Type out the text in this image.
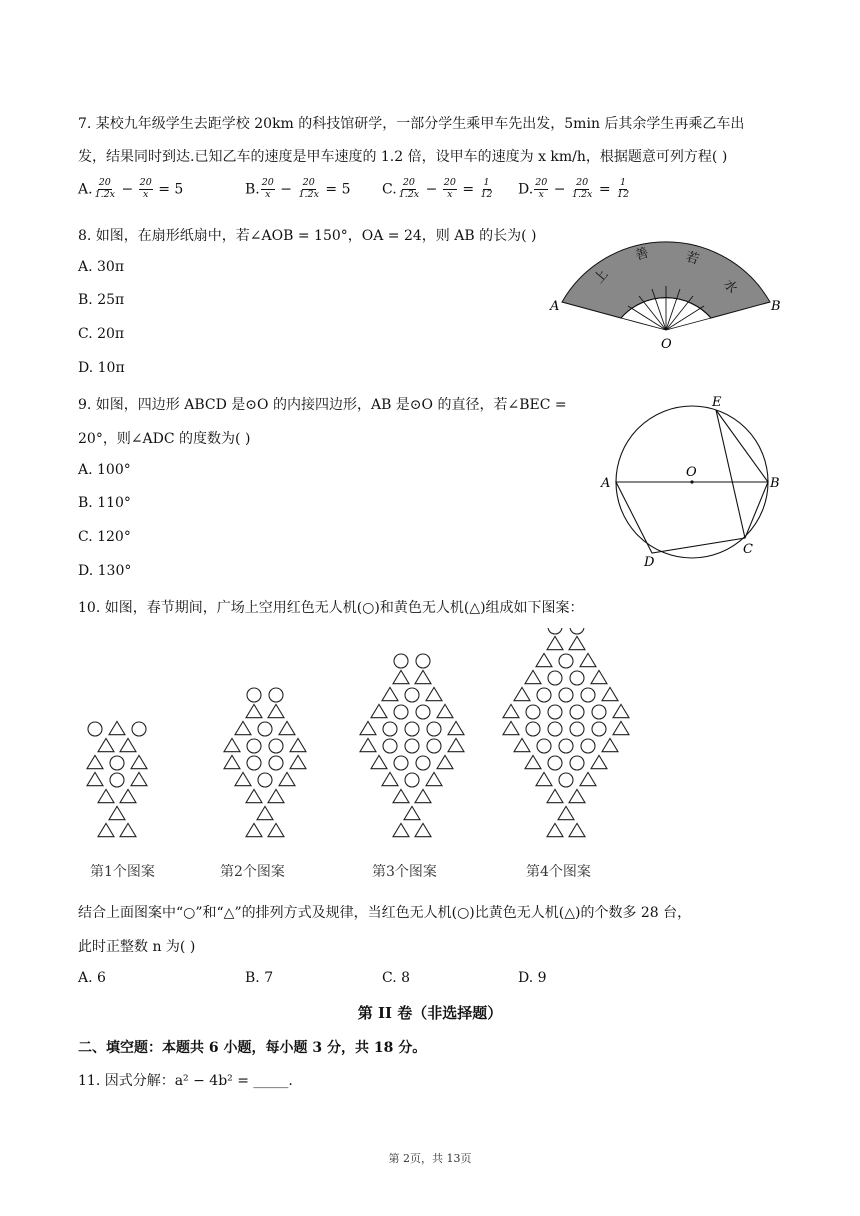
7. 某校九年级学生去距学校 20km 的科技馆研学，一部分学生乘甲车先出发，5min 后其余学生再乘乙车出
发，结果同时到达.已知乙车的速度是甲车速度的 1.2 倍，设甲车的速度为 x km/h，根据题意可列方程( )
A. $\frac{20}{1.2x} - \frac{20}{x} = 5$	B. $\frac{20}{x} - \frac{20}{1.2x} = 5$ C. $\frac{20}{1.2x} - \frac{20}{x} = \frac{1}{12} D$. $\frac{20}{x} - \frac{20}{1.2x} = \frac{1}{12}$
8. 如图，在扇形纸扇中，若∠AOB = 150°，OA = 24，则 AB 的长为( )
A. 30π
B. 25π
C. 20π
D. 10π
上
善	若
水
A	B
O
9. 如图，四边形 ABCD 是⊙O 的内接四边形，AB 是⊙O 的直径，若∠BEC =
20°，则∠ADC 的度数为( )
A. 100°
B. 110°
C. 120°
D. 130°
E
A
O
B
D
C
10. 如图，春节期间，广场上空用红色无人机(○)和黄色无人机(△)组成如下图案：
第1个图案	第2个图案	第3个图案	第4个图案
结合上面图案中“○”和“△”的排列方式及规律，当红色无人机(○)比黄色无人机(△)的个数多 28 台，
此时正整数 n 为( )
A. 6	B. 7	C. 8	D. 9
第 II 卷（非选择题）
二、填空题：本题共 6 小题，每小题 3 分，共 18 分。
11. 因式分解：a² − 4b² = _____.
第 2页，共 13页
